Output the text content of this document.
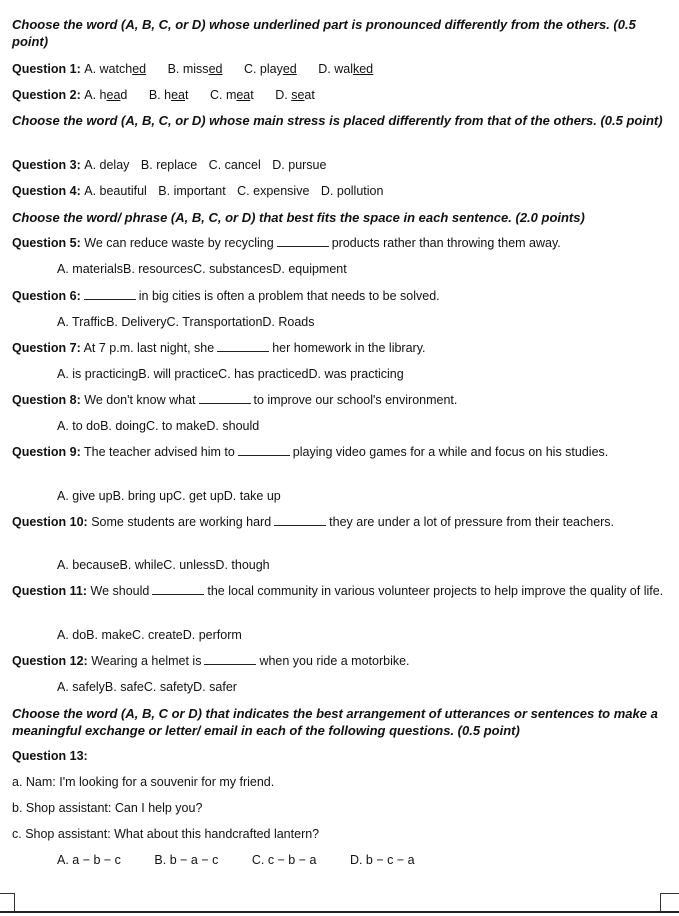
Choose the word (A, B, C, or D) whose underlined part is pronounced differently from the others. (0.5 point)
Question 1: A. watched B. missed C. played D. walked
Question 2: A. head B. heat C. meat D. seat
Choose the word (A, B, C, or D) whose main stress is placed differently from that of the others. (0.5 point)
Question 3: A. delay B. replace C. cancel D. pursue
Question 4: A. beautiful B. important C. expensive D. pollution
Choose the word/ phrase (A, B, C, or D) that best fits the space in each sentence. (2.0 points)
Question 5: We can reduce waste by recycling	products rather than throwing them away.
A. materialsB. resourcesC. substancesD. equipment
Question 6:	in big cities is often a problem that needs to be solved.
A. TrafficB. DeliveryC. TransportationD. Roads
Question 7: At 7 p.m. last night, she	her homework in the library.
A. is practicingB. will practiceC. has practicedD. was practicing
Question 8: We don't know what	to improve our school's environment.
A. to doB. doingC. to makeD. should
Question 9: The teacher advised him to	playing video games for a while and focus on his studies.
A. give upB. bring upC. get upD. take up
Question 10: Some students are working hard	they are under a lot of pressure from their teachers.
A. becauseB. whileC. unlessD. though
Question 11: We should	the local community in various volunteer projects to help improve the quality of life.
A. doB. makeC. createD. perform
Question 12: Wearing a helmet is	when you ride a motorbike.
A. safelyB. safeC. safetyD. safer
Choose the word (A, B, C or D) that indicates the best arrangement of utterances or sentences to make a meaningful exchange or letter/ email in each of the following questions. (0.5 point)
Question 13:
a. Nam: I'm looking for a souvenir for my friend.
b. Shop assistant: Can I help you?
c. Shop assistant: What about this handcrafted lantern?
A. a − b − c	B. b − a − c	C. c − b − a	D. b − c − a
